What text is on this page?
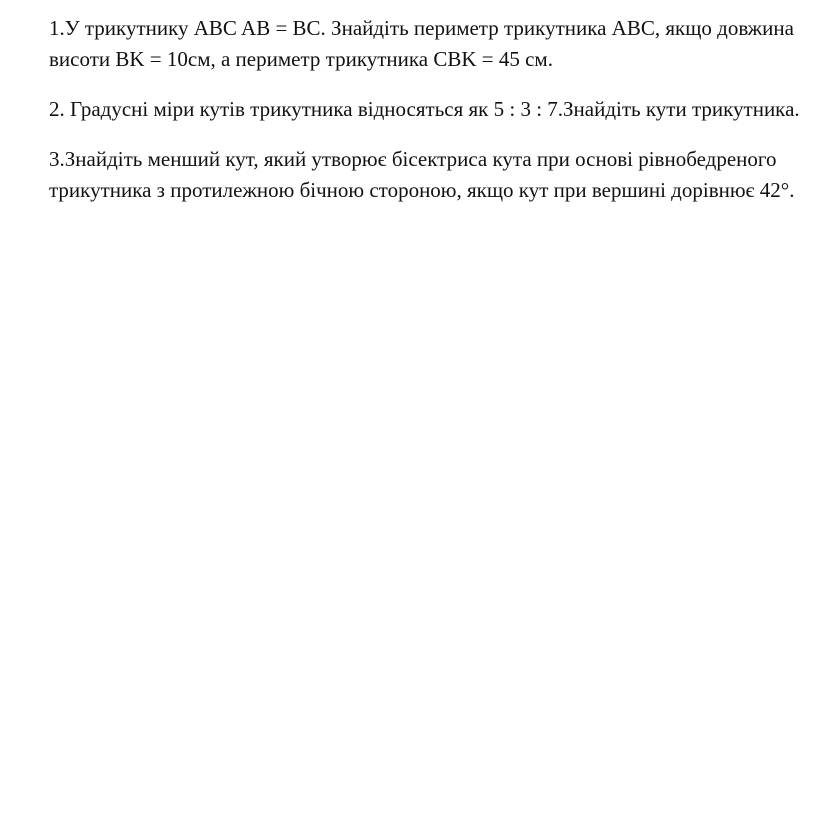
1.У трикутнику ABC AB = BC. Знайдіть периметр трикутника ABC, якщо довжина висоти BK = 10см, а периметр трикутника CBK = 45 см.

2. Градусні міри кутів трикутника відносяться як 5 : 3 : 7.Знайдіть кути трикутника.

3.Знайдіть менший кут, який утворює бісектриса кута при основі рівнобедреного трикутника з протилежною бічною стороною, якщо кут при вершині дорівнює 42°.
